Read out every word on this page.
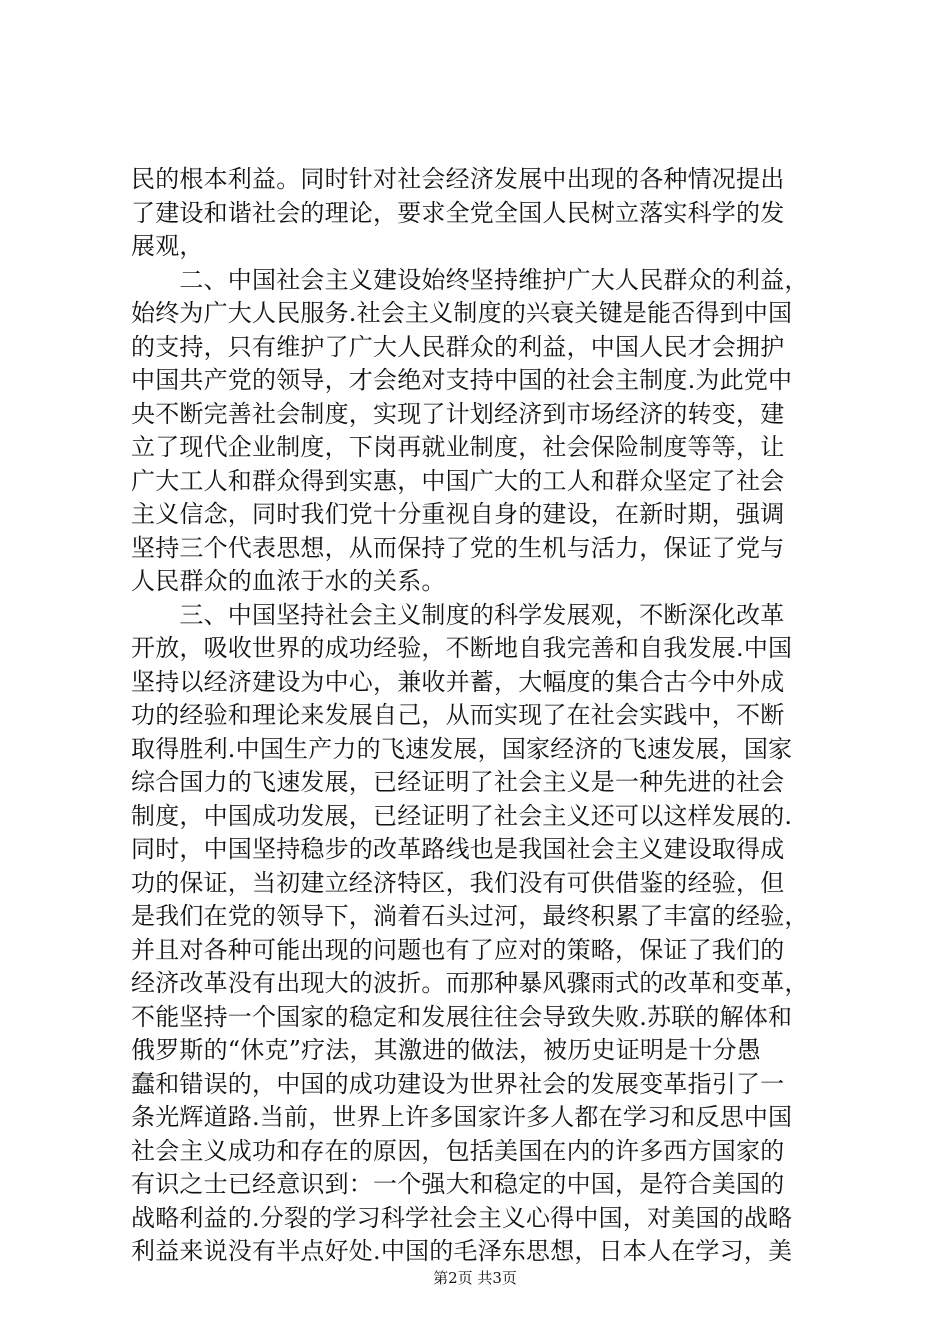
民的根本利益。同时针对社会经济发展中出现的各种情况提出
了建设和谐社会的理论，要求全党全国人民树立落实科学的发
展观，
　　二、中国社会主义建设始终坚持维护广大人民群众的利益，
始终为广大人民服务.社会主义制度的兴衰关键是能否得到中国
的支持，只有维护了广大人民群众的利益，中国人民才会拥护
中国共产党的领导，才会绝对支持中国的社会主制度.为此党中
央不断完善社会制度，实现了计划经济到市场经济的转变，建
立了现代企业制度，下岗再就业制度，社会保险制度等等，让
广大工人和群众得到实惠，中国广大的工人和群众坚定了社会
主义信念，同时我们党十分重视自身的建设，在新时期，强调
坚持三个代表思想，从而保持了党的生机与活力，保证了党与
人民群众的血浓于水的关系。
　　三、中国坚持社会主义制度的科学发展观，不断深化改革
开放，吸收世界的成功经验，不断地自我完善和自我发展.中国
坚持以经济建设为中心，兼收并蓄，大幅度的集合古今中外成
功的经验和理论来发展自己，从而实现了在社会实践中，不断
取得胜利.中国生产力的飞速发展，国家经济的飞速发展，国家
综合国力的飞速发展，已经证明了社会主义是一种先进的社会
制度，中国成功发展，已经证明了社会主义还可以这样发展的.
同时，中国坚持稳步的改革路线也是我国社会主义建设取得成
功的保证，当初建立经济特区，我们没有可供借鉴的经验，但
是我们在党的领导下，淌着石头过河，最终积累了丰富的经验，
并且对各种可能出现的问题也有了应对的策略，保证了我们的
经济改革没有出现大的波折。而那种暴风骤雨式的改革和变革，
不能坚持一个国家的稳定和发展往往会导致失败.苏联的解体和
俄罗斯的“休克”疗法，其激进的做法，被历史证明是十分愚
蠢和错误的，中国的成功建设为世界社会的发展变革指引了一
条光辉道路.当前，世界上许多国家许多人都在学习和反思中国
社会主义成功和存在的原因，包括美国在内的许多西方国家的
有识之士已经意识到：一个强大和稳定的中国，是符合美国的
战略利益的.分裂的学习科学社会主义心得中国，对美国的战略
利益来说没有半点好处.中国的毛泽东思想，日本人在学习，美
第2页 共3页
